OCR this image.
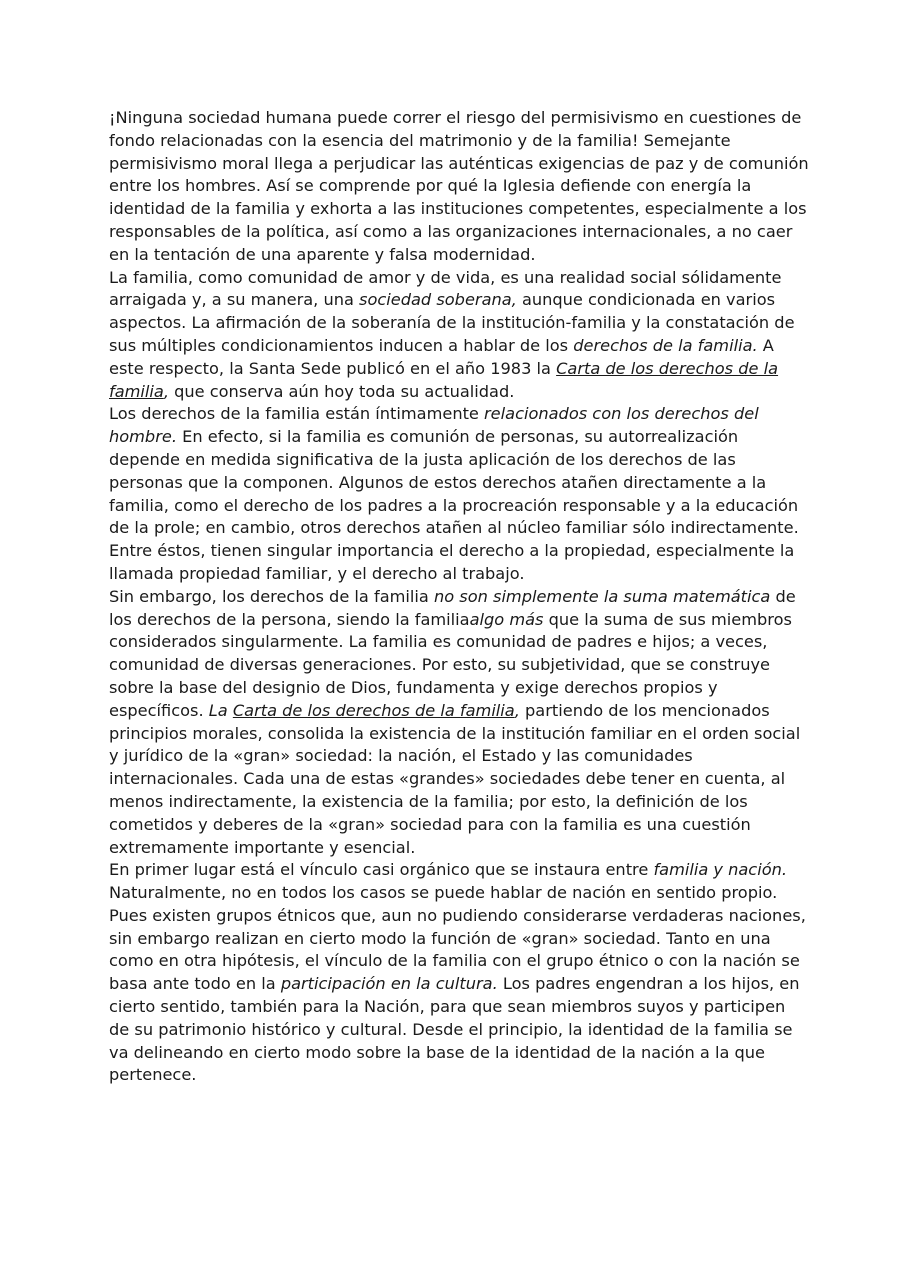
¡Ninguna sociedad humana puede correr el riesgo del permisivismo en cuestiones de fondo relacionadas con la esencia del matrimonio y de la familia! Semejante permisivismo moral llega a perjudicar las auténticas exigencias de paz y de comunión entre los hombres. Así se comprende por qué la Iglesia defiende con energía la identidad de la familia y exhorta a las instituciones competentes, especialmente a los responsables de la política, así como a las organizaciones internacionales, a no caer en la tentación de una aparente y falsa modernidad.

La familia, como comunidad de amor y de vida, es una realidad social sólidamente arraigada y, a su manera, una sociedad soberana, aunque condicionada en varios aspectos. La afirmación de la soberanía de la institución-familia y la constatación de sus múltiples condicionamientos inducen a hablar de los derechos de la familia. A este respecto, la Santa Sede publicó en el año 1983 la Carta de los derechos de la familia, que conserva aún hoy toda su actualidad.

Los derechos de la familia están íntimamente relacionados con los derechos del hombre. En efecto, si la familia es comunión de personas, su autorrealización depende en medida significativa de la justa aplicación de los derechos de las personas que la componen. Algunos de estos derechos atañen directamente a la familia, como el derecho de los padres a la procreación responsable y a la educación de la prole; en cambio, otros derechos atañen al núcleo familiar sólo indirectamente. Entre éstos, tienen singular importancia el derecho a la propiedad, especialmente la llamada propiedad familiar, y el derecho al trabajo.

Sin embargo, los derechos de la familia no son simplemente la suma matemática de los derechos de la persona, siendo la familiaalgo más que la suma de sus miembros considerados singularmente. La familia es comunidad de padres e hijos; a veces, comunidad de diversas generaciones. Por esto, su subjetividad, que se construye sobre la base del designio de Dios, fundamenta y exige derechos propios y específicos. La Carta de los derechos de la familia, partiendo de los mencionados principios morales, consolida la existencia de la institución familiar en el orden social y jurídico de la «gran» sociedad: la nación, el Estado y las comunidades internacionales. Cada una de estas «grandes» sociedades debe tener en cuenta, al menos indirectamente, la existencia de la familia; por esto, la definición de los cometidos y deberes de la «gran» sociedad para con la familia es una cuestión extremamente importante y esencial.

En primer lugar está el vínculo casi orgánico que se instaura entre familia y nación. Naturalmente, no en todos los casos se puede hablar de nación en sentido propio. Pues existen grupos étnicos que, aun no pudiendo considerarse verdaderas naciones, sin embargo realizan en cierto modo la función de «gran» sociedad. Tanto en una como en otra hipótesis, el vínculo de la familia con el grupo étnico o con la nación se basa ante todo en la participación en la cultura. Los padres engendran a los hijos, en cierto sentido, también para la Nación, para que sean miembros suyos y participen de su patrimonio histórico y cultural. Desde el principio, la identidad de la familia se va delineando en cierto modo sobre la base de la identidad de la nación a la que pertenece.
